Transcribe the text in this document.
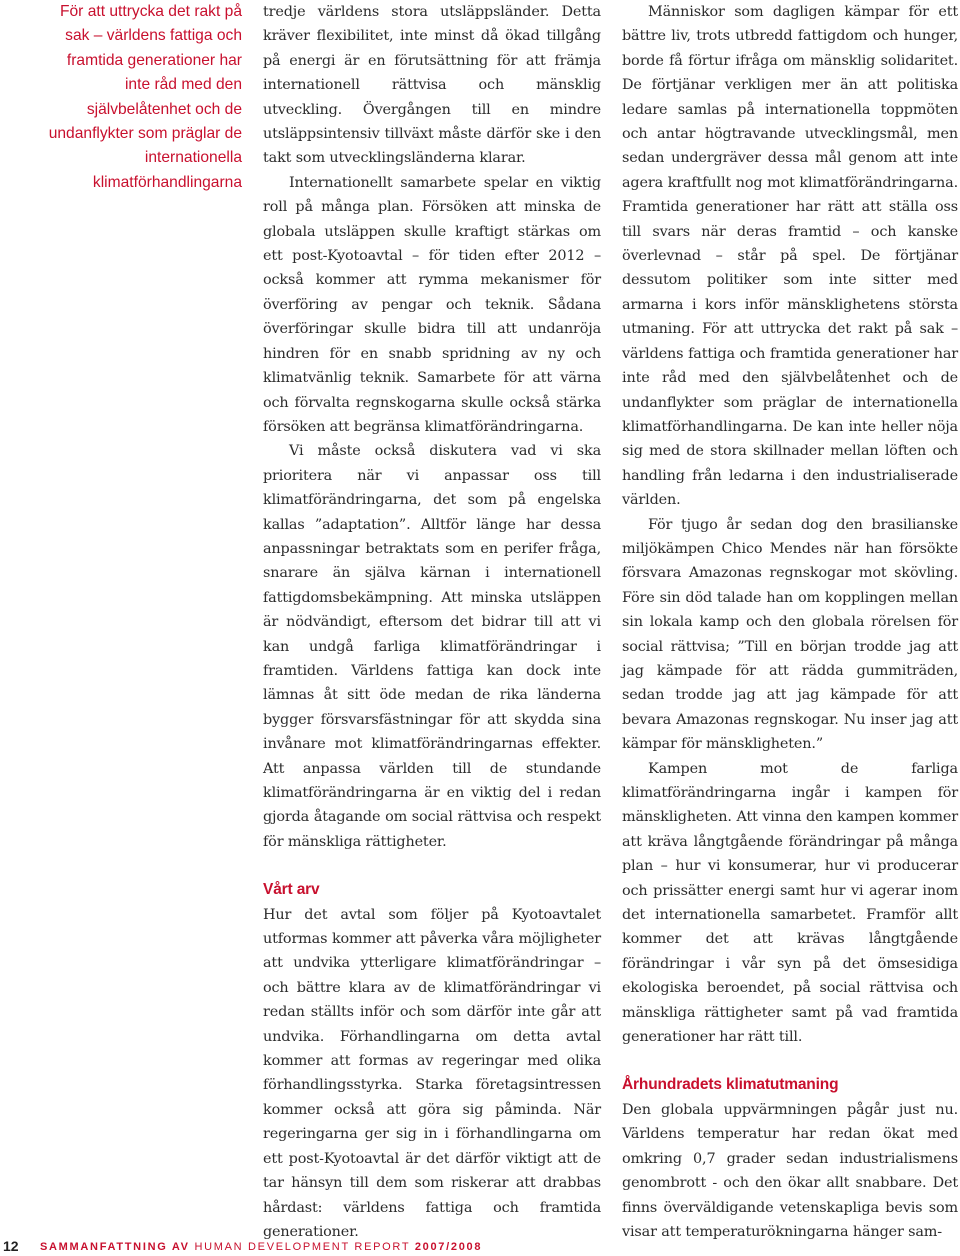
För att uttrycka det rakt på sak – världens fattiga och framtida generationer har inte råd med den självbelåtenhet och de undanflykter som präglar de internationella klimatförhandlingarna

tredje världens stora utsläppsländer. Detta kräver flexibilitet, inte minst då ökad tillgång på energi är en förutsättning för att främja internationell rättvisa och mänsklig utveckling. Övergången till en mindre utsläppsintensiv tillväxt måste därför ske i den takt som utvecklingsländerna klarar.

Internationellt samarbete spelar en viktig roll på många plan. Försöken att minska de globala utsläppen skulle kraftigt stärkas om ett post-Kyotoavtal – för tiden efter 2012 – också kommer att rymma mekanismer för överföring av pengar och teknik. Sådana överföringar skulle bidra till att undanröja hindren för en snabb spridning av ny och klimatvänlig teknik. Samarbete för att värna och förvalta regnskogarna skulle också stärka försöken att begränsa klimatförändringarna.

Vi måste också diskutera vad vi ska prioritera när vi anpassar oss till klimatförändringarna, det som på engelska kallas ”adaptation”. Alltför länge har dessa anpassningar betraktats som en perifer fråga, snarare än själva kärnan i internationell fattigdomsbekämpning. Att minska utsläppen är nödvändigt, eftersom det bidrar till att vi kan undgå farliga klimatförändringar i framtiden. Världens fattiga kan dock inte lämnas åt sitt öde medan de rika länderna bygger försvarsfästningar för att skydda sina invånare mot klimatförändringarnas effekter. Att anpassa världen till de stundande klimatförändringarna är en viktig del i redan gjorda åtagande om social rättvisa och respekt för mänskliga rättigheter.

Vårt arv

Hur det avtal som följer på Kyotoavtalet utformas kommer att påverka våra möjligheter att undvika ytterligare klimatförändringar – och bättre klara av de klimatförändringar vi redan ställts inför och som därför inte går att undvika. Förhandlingarna om detta avtal kommer att formas av regeringar med olika förhandlingsstyrka. Starka företagsintressen kommer också att göra sig påminda. När regeringarna ger sig in i förhandlingarna om ett post-Kyotoavtal är det därför viktigt att de tar hänsyn till dem som riskerar att drabbas hårdast: världens fattiga och framtida generationer.

Människor som dagligen kämpar för ett bättre liv, trots utbredd fattigdom och hunger, borde få förtur ifråga om mänsklig solidaritet. De förtjänar verkligen mer än att politiska ledare samlas på internationella toppmöten och antar högtravande utvecklingsmål, men sedan undergräver dessa mål genom att inte agera kraftfullt nog mot klimatförändringarna. Framtida generationer har rätt att ställa oss till svars när deras framtid – och kanske överlevnad – står på spel. De förtjänar dessutom politiker som inte sitter med armarna i kors inför mänsklighetens största utmaning. För att uttrycka det rakt på sak – världens fattiga och framtida generationer har inte råd med den självbelåtenhet och de undanflykter som präglar de internationella klimatförhandlingarna. De kan inte heller nöja sig med de stora skillnader mellan löften och handling från ledarna i den industrialiserade världen.

För tjugo år sedan dog den brasilianske miljökämpen Chico Mendes när han försökte försvara Amazonas regnskogar mot skövling. Före sin död talade han om kopplingen mellan sin lokala kamp och den globala rörelsen för social rättvisa; ”Till en början trodde jag att jag kämpade för att rädda gummiträden, sedan trodde jag att jag kämpade för att bevara Amazonas regnskogar. Nu inser jag att kämpar för mänskligheten.”

Kampen mot de farliga klimatförändringarna ingår i kampen för mänskligheten. Att vinna den kampen kommer att kräva långtgående förändringar på många plan – hur vi konsumerar, hur vi producerar och prissätter energi samt hur vi agerar inom det internationella samarbetet. Framför allt kommer det att krävas långtgående förändringar i vår syn på det ömsesidiga ekologiska beroendet, på social rättvisa och mänskliga rättigheter samt på vad framtida generationer har rätt till.

Århundradets klimatutmaning

Den globala uppvärmningen pågår just nu. Världens temperatur har redan ökat med omkring 0,7 grader sedan industrialismens genombrott - och den ökar allt snabbare. Det finns överväldigande vetenskapliga bevis som visar att temperaturökningarna hänger sam-

12 SAMMANFATTNING AV HUMAN DEVELOPMENT REPORT 2007/2008
